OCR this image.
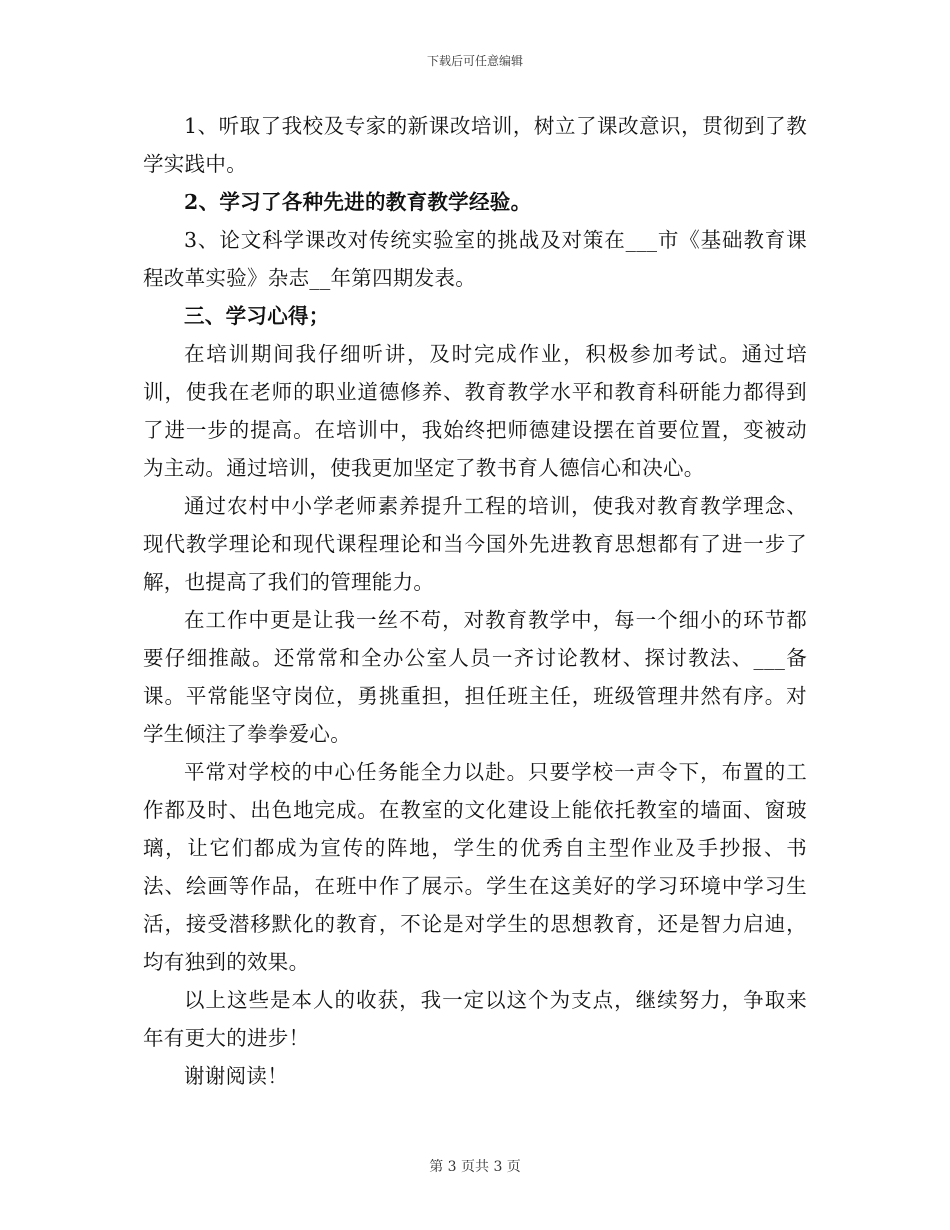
下载后可任意编辑

1、听取了我校及专家的新课改培训，树立了课改意识，贯彻到了教学实践中。

2、学习了各种先进的教育教学经验。

3、论文科学课改对传统实验室的挑战及对策在___市《基础教育课程改革实验》杂志__年第四期发表。

三、学习心得；

在培训期间我仔细听讲，及时完成作业，积极参加考试。通过培训，使我在老师的职业道德修养、教育教学水平和教育科研能力都得到了进一步的提高。在培训中，我始终把师德建设摆在首要位置，变被动为主动。通过培训，使我更加坚定了教书育人德信心和决心。

通过农村中小学老师素养提升工程的培训，使我对教育教学理念、现代教学理论和现代课程理论和当今国外先进教育思想都有了进一步了解，也提高了我们的管理能力。

在工作中更是让我一丝不苟，对教育教学中，每一个细小的环节都要仔细推敲。还常常和全办公室人员一齐讨论教材、探讨教法、___备课。平常能坚守岗位，勇挑重担，担任班主任，班级管理井然有序。对学生倾注了拳拳爱心。

平常对学校的中心任务能全力以赴。只要学校一声令下，布置的工作都及时、出色地完成。在教室的文化建设上能依托教室的墙面、窗玻璃，让它们都成为宣传的阵地，学生的优秀自主型作业及手抄报、书法、绘画等作品，在班中作了展示。学生在这美好的学习环境中学习生活，接受潜移默化的教育，不论是对学生的思想教育，还是智力启迪，均有独到的效果。

以上这些是本人的收获，我一定以这个为支点，继续努力，争取来年有更大的进步！

谢谢阅读！

第 3 页共 3 页
